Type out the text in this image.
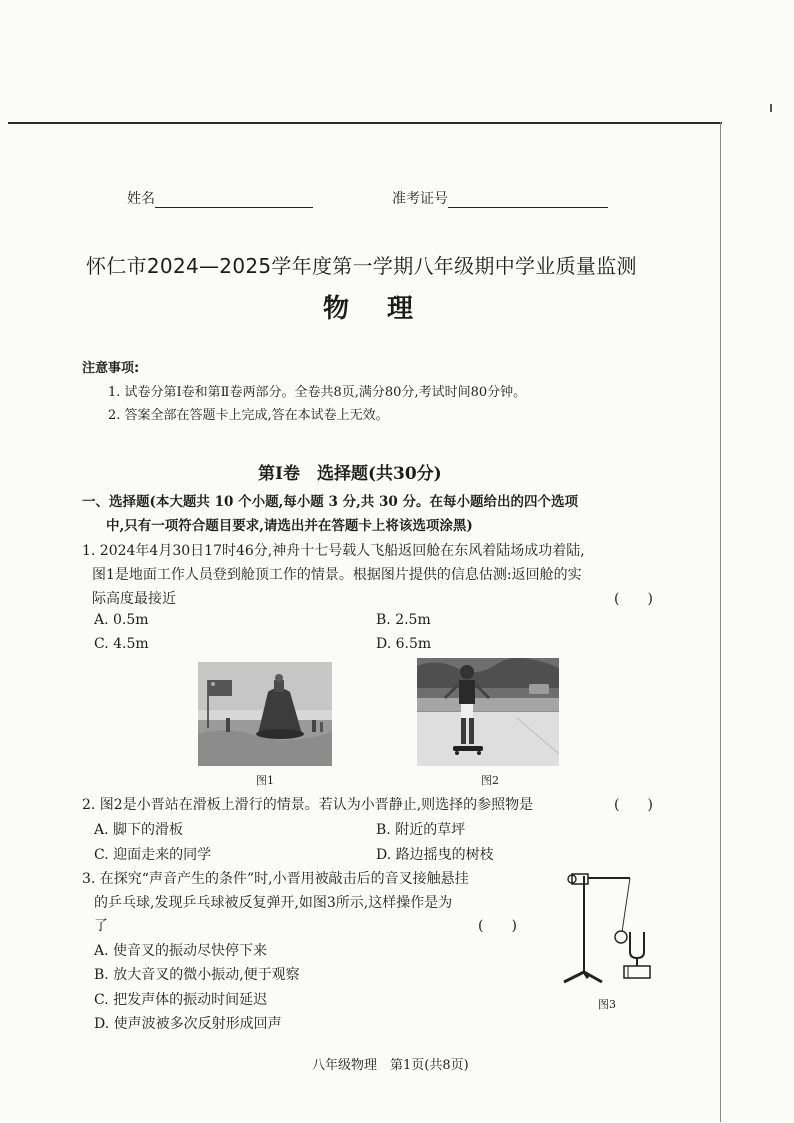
姓名	准考证号
怀仁市2024—2025学年度第一学期八年级期中学业质量监测
物　理
注意事项:
1. 试卷分第Ⅰ卷和第Ⅱ卷两部分。全卷共8页,满分80分,考试时间80分钟。
2. 答案全部在答题卡上完成,答在本试卷上无效。
第Ⅰ卷　选择题(共30分)
一、选择题(本大题共 10 个小题,每小题 3 分,共 30 分。在每小题给出的四个选项
中,只有一项符合题目要求,请选出并在答题卡上将该选项涂黑)
1. 2024年4月30日17时46分,神舟十七号载人飞船返回舱在东风着陆场成功着陆,
图1是地面工作人员登到舱顶工作的情景。根据图片提供的信息估测:返回舱的实
际高度最接近	(　　)
A. 0.5m	B. 2.5m
C. 4.5m	D. 6.5m
图1	图2
2. 图2是小晋站在滑板上滑行的情景。若认为小晋静止,则选择的参照物是	(　　)
A. 脚下的滑板	B. 附近的草坪
C. 迎面走来的同学	D. 路边摇曳的树枝
3. 在探究“声音产生的条件”时,小晋用被敲击后的音叉接触悬挂
的乒乓球,发现乒乓球被反复弹开,如图3所示,这样操作是为
了	(　　)
A. 使音叉的振动尽快停下来
B. 放大音叉的微小振动,便于观察
C. 把发声体的振动时间延迟
D. 使声波被多次反射形成回声
图3
八年级物理　第1页(共8页)
